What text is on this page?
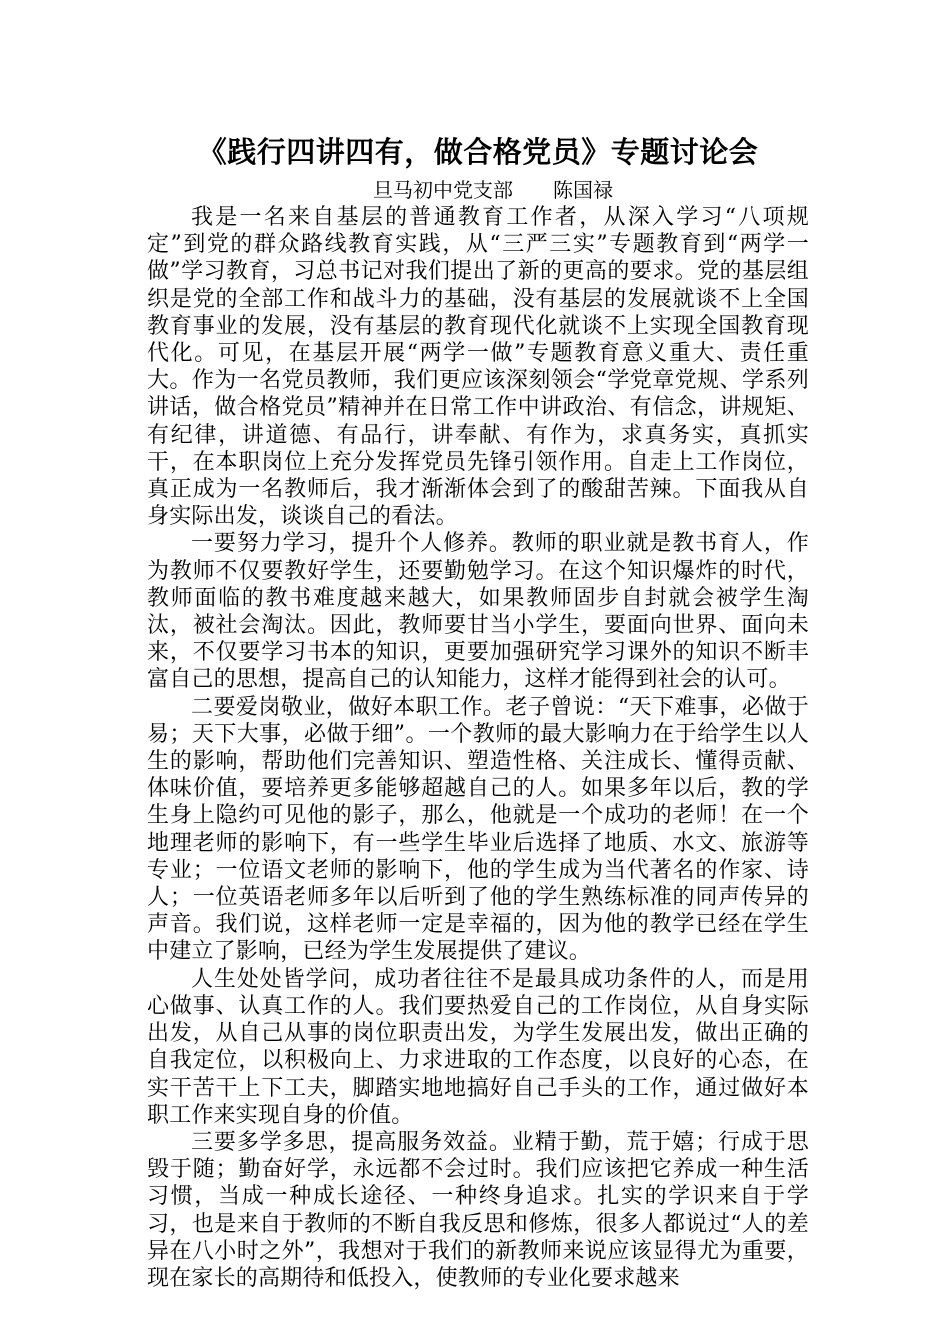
《践行四讲四有，做合格党员》专题讨论会
旦马初中党支部 陈国禄

我是一名来自基层的普通教育工作者，从深入学习“八项规定”到党的群众路线教育实践，从“三严三实”专题教育到“两学一做”学习教育，习总书记对我们提出了新的更高的要求。党的基层组织是党的全部工作和战斗力的基础，没有基层的发展就谈不上全国教育事业的发展，没有基层的教育现代化就谈不上实现全国教育现代化。可见，在基层开展“两学一做”专题教育意义重大、责任重大。作为一名党员教师，我们更应该深刻领会“学党章党规、学系列讲话，做合格党员”精神并在日常工作中讲政治、有信念，讲规矩、有纪律，讲道德、有品行，讲奉献、有作为，求真务实，真抓实干，在本职岗位上充分发挥党员先锋引领作用。自走上工作岗位，真正成为一名教师后，我才渐渐体会到了的酸甜苦辣。下面我从自身实际出发，谈谈自己的看法。

一要努力学习，提升个人修养。教师的职业就是教书育人，作为教师不仅要教好学生，还要勤勉学习。在这个知识爆炸的时代，教师面临的教书难度越来越大，如果教师固步自封就会被学生淘汰，被社会淘汰。因此，教师要甘当小学生，要面向世界、面向未来，不仅要学习书本的知识，更要加强研究学习课外的知识不断丰富自己的思想，提高自己的认知能力，这样才能得到社会的认可。

二要爱岗敬业，做好本职工作。老子曾说：“天下难事，必做于易；天下大事，必做于细”。一个教师的最大影响力在于给学生以人生的影响，帮助他们完善知识、塑造性格、关注成长、懂得贡献、体味价值，要培养更多能够超越自己的人。如果多年以后，教的学生身上隐约可见他的影子，那么，他就是一个成功的老师！在一个地理老师的影响下，有一些学生毕业后选择了地质、水文、旅游等专业；一位语文老师的影响下，他的学生成为当代著名的作家、诗人；一位英语老师多年以后听到了他的学生熟练标准的同声传异的声音。我们说，这样老师一定是幸福的，因为他的教学已经在学生中建立了影响，已经为学生发展提供了建议。

人生处处皆学问，成功者往往不是最具成功条件的人，而是用心做事、认真工作的人。我们要热爱自己的工作岗位，从自身实际出发，从自己从事的岗位职责出发，为学生发展出发，做出正确的自我定位，以积极向上、力求进取的工作态度，以良好的心态，在实干苦干上下工夫，脚踏实地地搞好自己手头的工作，通过做好本职工作来实现自身的价值。

三要多学多思，提高服务效益。业精于勤，荒于嬉；行成于思毁于随；勤奋好学，永远都不会过时。我们应该把它养成一种生活习惯，当成一种成长途径、一种终身追求。扎实的学识来自于学习，也是来自于教师的不断自我反思和修炼，很多人都说过“人的差异在八小时之外”，我想对于我们的新教师来说应该显得尤为重要，现在家长的高期待和低投入，使教师的专业化要求越来
